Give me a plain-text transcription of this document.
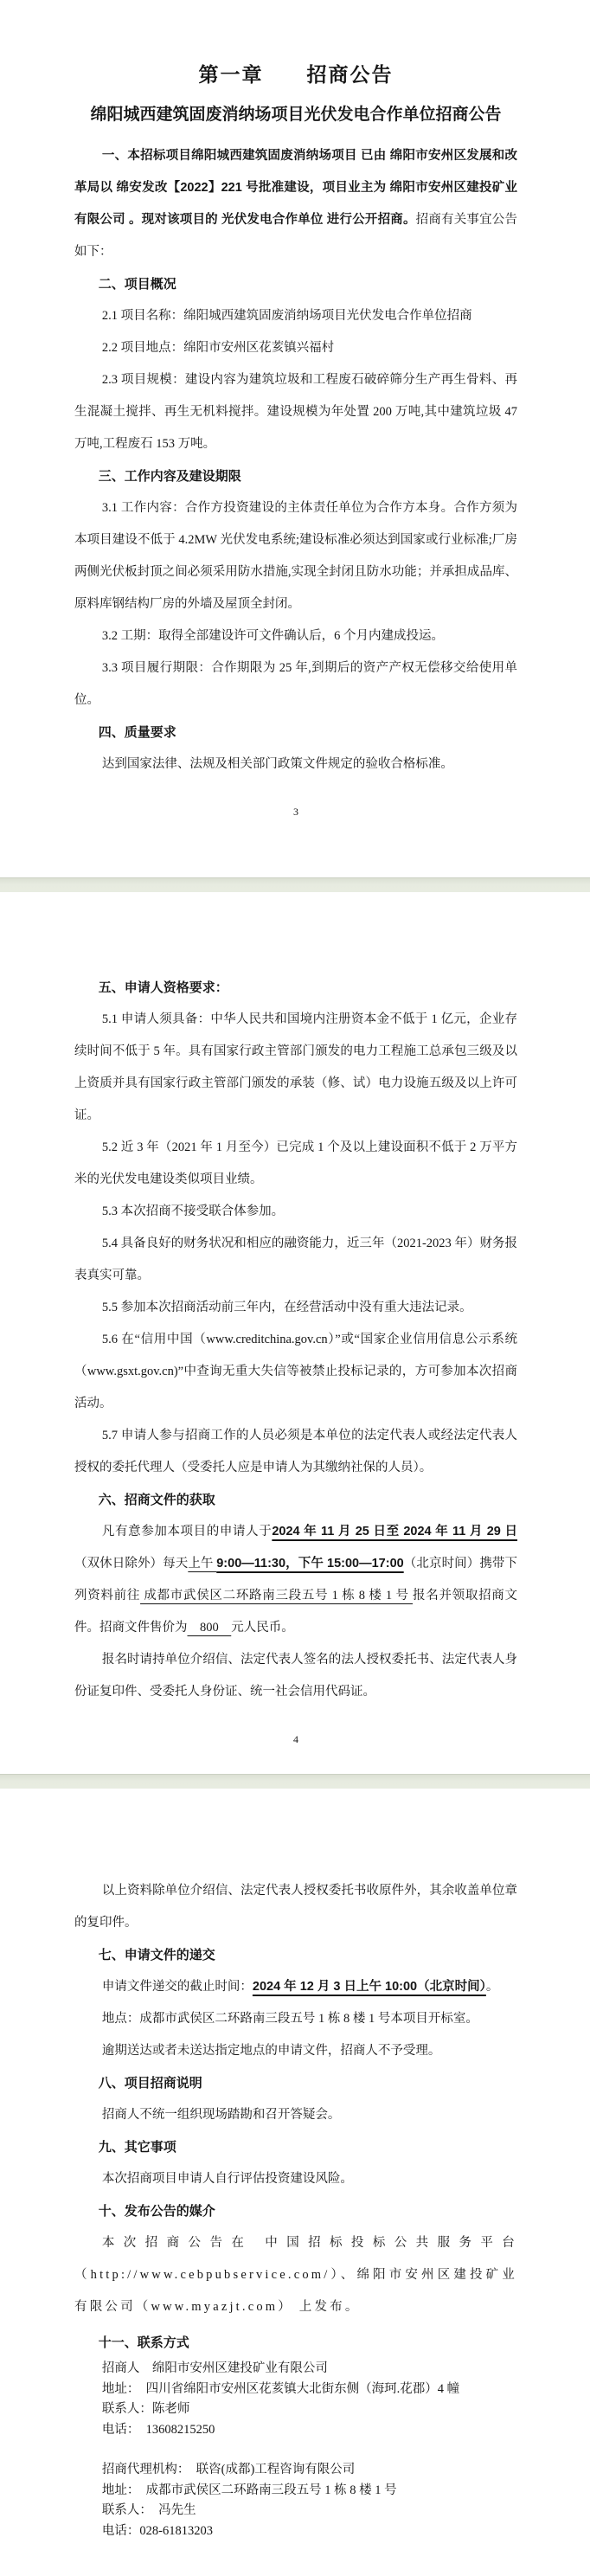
第一章　　招商公告
绵阳城西建筑固废消纳场项目光伏发电合作单位招商公告

一、本招标项目绵阳城西建筑固废消纳场项目 已由 绵阳市安州区发展和改革局以 绵安发改【2022】221 号批准建设，项目业主为 绵阳市安州区建投矿业有限公司 。现对该项目的 光伏发电合作单位 进行公开招商。招商有关事宜公告如下：

二、项目概况

2.1 项目名称：绵阳城西建筑固废消纳场项目光伏发电合作单位招商

2.2 项目地点：绵阳市安州区花荄镇兴福村

2.3 项目规模：建设内容为建筑垃圾和工程废石破碎筛分生产再生骨料、再生混凝土搅拌、再生无机料搅拌。建设规模为年处置 200 万吨,其中建筑垃圾 47 万吨,工程废石 153 万吨。

三、工作内容及建设期限

3.1 工作内容：合作方投资建设的主体责任单位为合作方本身。合作方须为本项目建设不低于 4.2MW 光伏发电系统;建设标准必须达到国家或行业标准;厂房两侧光伏板封顶之间必须采用防水措施,实现全封闭且防水功能；并承担成品库、原料库钢结构厂房的外墙及屋顶全封闭。

3.2 工期：取得全部建设许可文件确认后，6 个月内建成投运。

3.3 项目履行期限：合作期限为 25 年,到期后的资产产权无偿移交给使用单位。

四、质量要求

达到国家法律、法规及相关部门政策文件规定的验收合格标准。

3

五、申请人资格要求：

5.1 申请人须具备：中华人民共和国境内注册资本金不低于 1 亿元，企业存续时间不低于 5 年。具有国家行政主管部门颁发的电力工程施工总承包三级及以上资质并具有国家行政主管部门颁发的承装（修、试）电力设施五级及以上许可证。

5.2 近 3 年（2021 年 1 月至今）已完成 1 个及以上建设面积不低于 2 万平方米的光伏发电建设类似项目业绩。

5.3 本次招商不接受联合体参加。

5.4 具备良好的财务状况和相应的融资能力，近三年（2021-2023 年）财务报表真实可靠。

5.5 参加本次招商活动前三年内，在经营活动中没有重大违法记录。

5.6 在“信用中国（www.creditchina.gov.cn）”或“国家企业信用信息公示系统（www.gsxt.gov.cn)”中查询无重大失信等被禁止投标记录的，方可参加本次招商活动。

5.7 申请人参与招商工作的人员必须是本单位的法定代表人或经法定代表人授权的委托代理人（受委托人应是申请人为其缴纳社保的人员）。

六、招商文件的获取

凡有意参加本项目的申请人于2024 年 11 月 25 日至 2024 年 11 月 29 日（双休日除外）每天上午 9:00—11:30，下午 15:00—17:00（北京时间）携带下列资料前往 成都市武侯区二环路南三段五号 1 栋 8 楼 1 号 报名并领取招商文件。招商文件售价为　800　元人民币。

报名时请持单位介绍信、法定代表人签名的法人授权委托书、法定代表人身份证复印件、受委托人身份证、统一社会信用代码证。

4

以上资料除单位介绍信、法定代表人授权委托书收原件外，其余收盖单位章的复印件。

七、申请文件的递交

申请文件递交的截止时间：2024 年 12 月 3 日上午 10:00（北京时间）。

地点：成都市武侯区二环路南三段五号 1 栋 8 楼 1 号本项目开标室。

逾期送达或者未送达指定地点的申请文件，招商人不予受理。

八、项目招商说明

招商人不统一组织现场踏勘和召开答疑会。

九、其它事项

本次招商项目申请人自行评估投资建设风险。

十、发布公告的媒介

本次招商公告在 中国招标投标公共服务平台（http://www.cebpubservice.com/）、绵阳市安州区建投矿业有限公司（www.myazjt.com） 上发布。

十一、联系方式

招商人　绵阳市安州区建投矿业有限公司

地址：　四川省绵阳市安州区花荄镇大北街东侧（海珂.花郡）4 幢

联系人：陈老师

电话：　13608215250

招商代理机构：　联咨(成都)工程咨询有限公司

地址：　成都市武侯区二环路南三段五号 1 栋 8 楼 1 号

联系人：　冯先生

电话：028-61813203
